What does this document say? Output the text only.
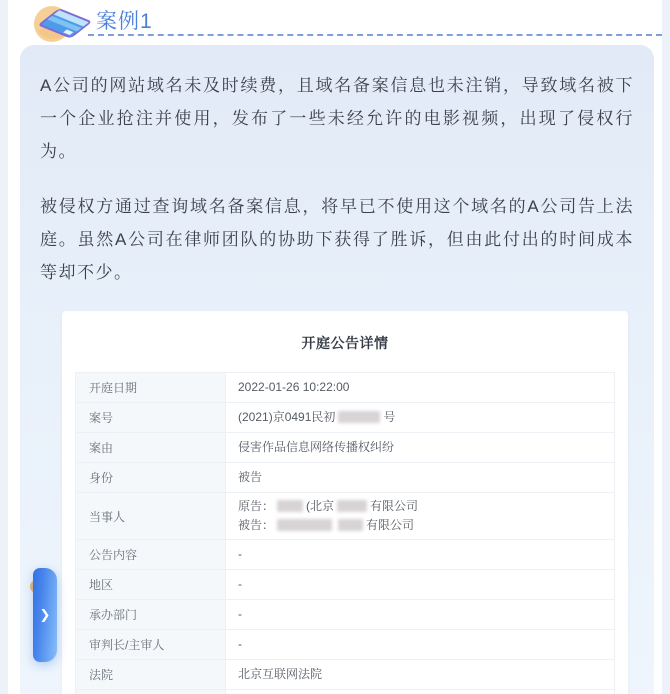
案例1

A公司的网站域名未及时续费，且域名备案信息也未注销，导致域名被下一个企业抢注并使用，发布了一些未经允许的电影视频，出现了侵权行为。

被侵权方通过查询域名备案信息，将早已不使用这个域名的A公司告上法庭。虽然A公司在律师团队的协助下获得了胜诉，但由此付出的时间成本等却不少。

开庭公告详情
开庭日期	2022-01-26 10:22:00
案号	(2021)京0491民初	号
案由	侵害作品信息网络传播权纠纷
身份	被告
当事人
原告：	(北京	有限公司
被告：	有限公司
公告内容	-
地区	-
承办部门	-
审判长/主审人	-
法院	北京互联网法院
❯
